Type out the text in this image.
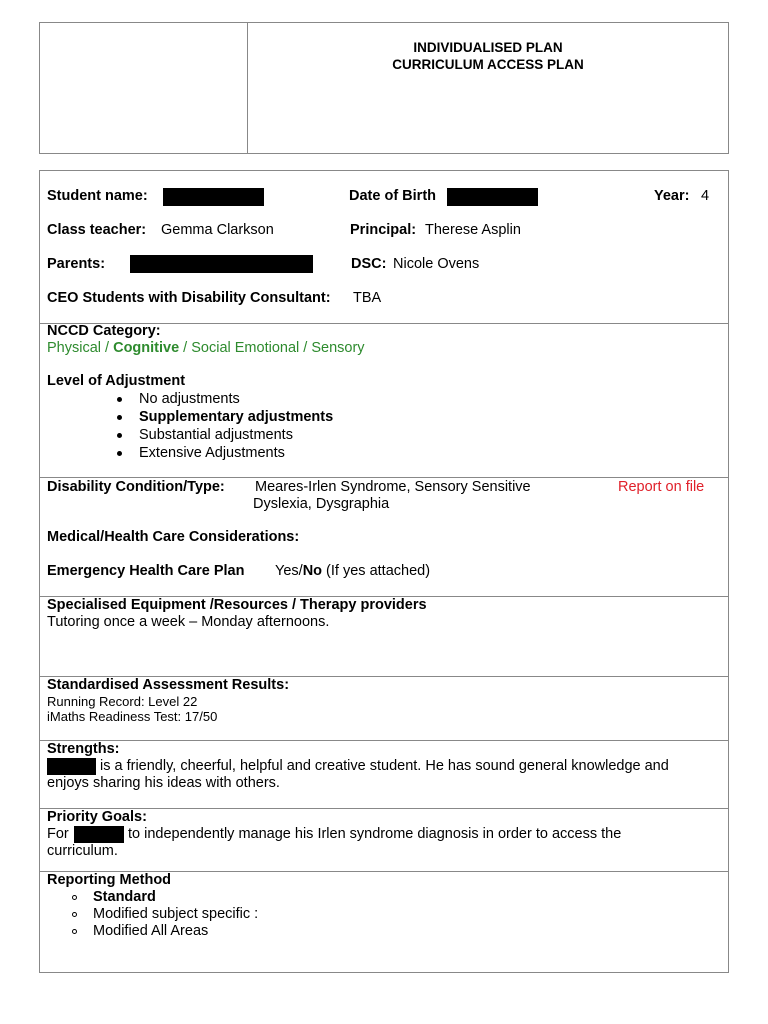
INDIVIDUALISED PLAN
CURRICULUM ACCESS PLAN
Student name:	Date of Birth	Year: 4
Class teacher: Gemma Clarkson	Principal: Therese Asplin
Parents:	DSC: Nicole Ovens
CEO Students with Disability Consultant: TBA
NCCD Category:
Physical / Cognitive / Social Emotional / Sensory
Level of Adjustment
No adjustments
Supplementary adjustments
Substantial adjustments
Extensive Adjustments
Disability Condition/Type: Meares-Irlen Syndrome, Sensory Sensitive
Dyslexia, Dysgraphia
Report on file
Medical/Health Care Considerations:
Emergency Health Care Plan Yes/No (If yes attached)
Specialised Equipment /Resources / Therapy providers
Tutoring once a week – Monday afternoons.
Standardised Assessment Results:
Running Record: Level 22
iMaths Readiness Test: 17/50
Strengths:
is a friendly, cheerful, helpful and creative student. He has sound general knowledge and
enjoys sharing his ideas with others.
Priority Goals:
For	to independently manage his Irlen syndrome diagnosis in order to access the
curriculum.
Reporting Method
Standard
Modified subject specific :
Modified All Areas
